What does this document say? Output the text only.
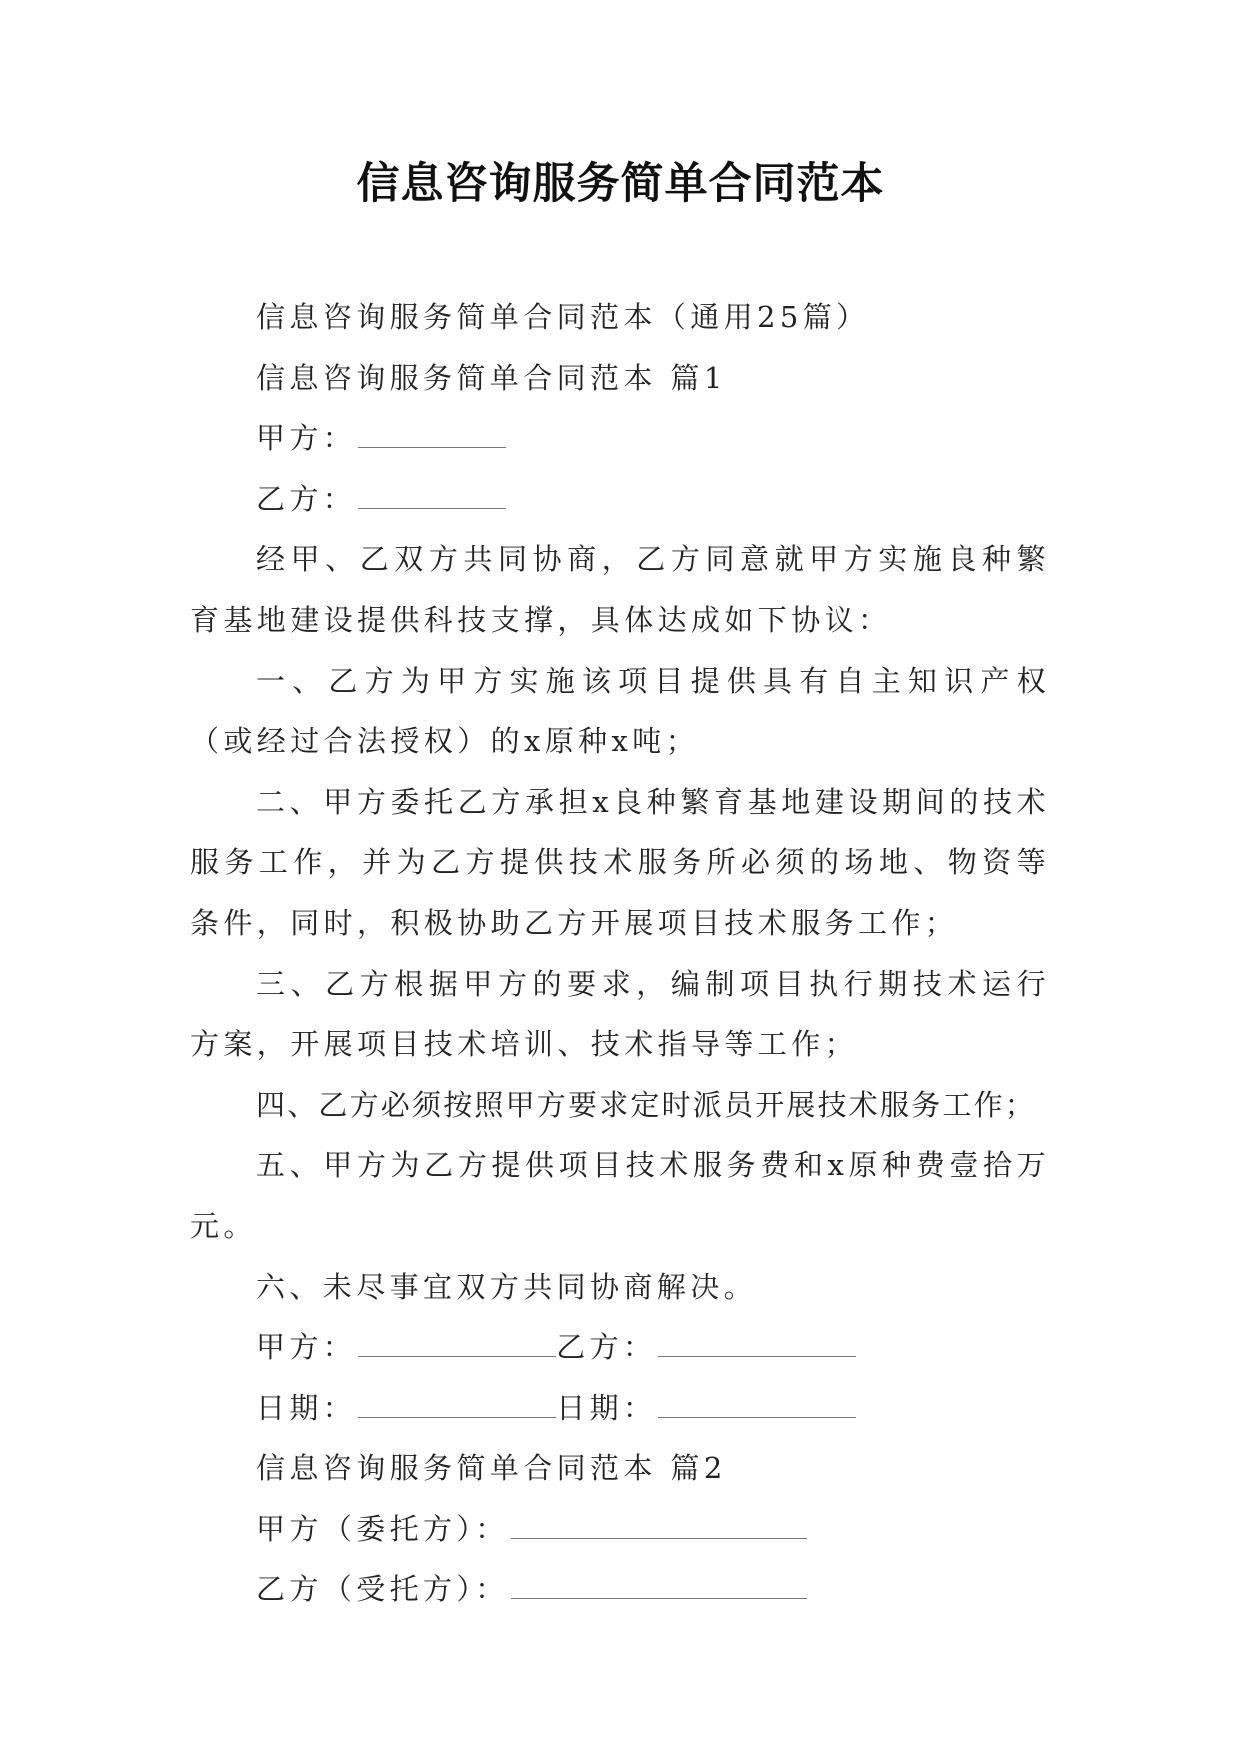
信息咨询服务简单合同范本

信息咨询服务简单合同范本（通用25篇）

信息咨询服务简单合同范本 篇1

甲方：

乙方：

经甲、乙双方共同协商，乙方同意就甲方实施良种繁育基地建设提供科技支撑，具体达成如下协议：

一、乙方为甲方实施该项目提供具有自主知识产权（或经过合法授权）的x原种x吨；

二、甲方委托乙方承担x良种繁育基地建设期间的技术服务工作，并为乙方提供技术服务所必须的场地、物资等条件，同时，积极协助乙方开展项目技术服务工作；

三、乙方根据甲方的要求，编制项目执行期技术运行方案，开展项目技术培训、技术指导等工作；

四、乙方必须按照甲方要求定时派员开展技术服务工作；

五、甲方为乙方提供项目技术服务费和x原种费壹拾万元。

六、未尽事宜双方共同协商解决。

甲方：	乙方：

日期：	日期：

信息咨询服务简单合同范本 篇2

甲方（委托方）：

乙方（受托方）：
